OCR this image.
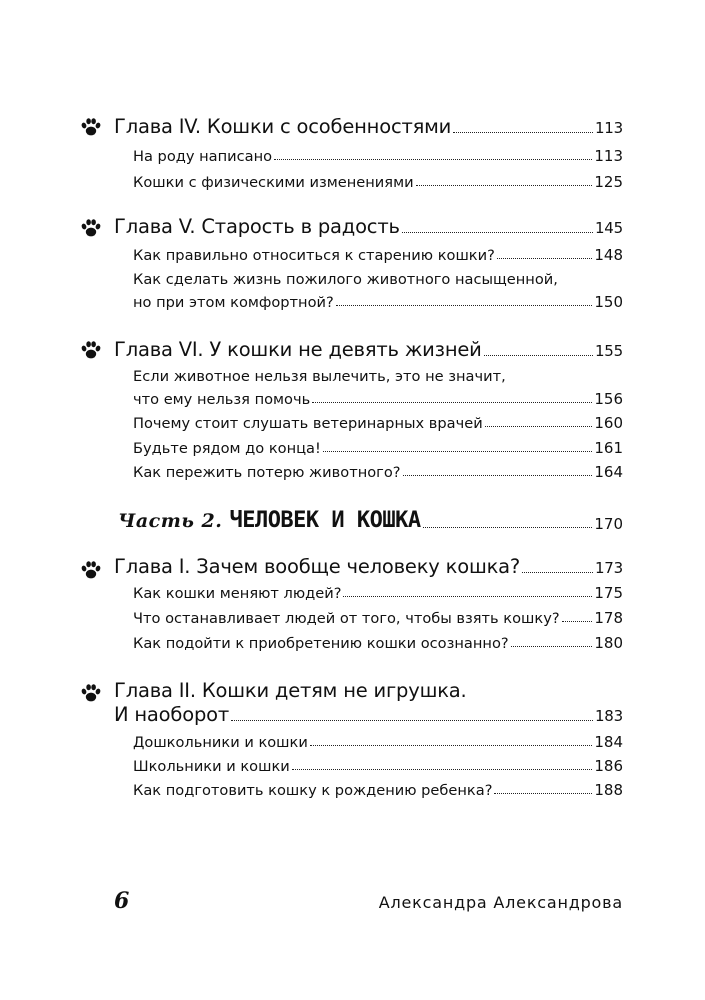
Глава IV. Кошки с особенностями	113
На роду написано	113
Кошки с физическими изменениями	125
Глава V. Старость в радость	145
Как правильно относиться к старению кошки?	148
Как сделать жизнь пожилого животного насыщенной,
но при этом комфортной?	150
Глава VI. У кошки не девять жизней	155
Если животное нельзя вылечить, это не значит,
что ему нельзя помочь	156
Почему стоит слушать ветеринарных врачей	160
Будьте рядом до конца!	161
Как пережить потерю животного?	164
Часть 2. ЧЕЛОВЕК И КОШКА	170
Глава I. Зачем вообще человеку кошка?	173
Как кошки меняют людей?	175
Что останавливает людей от того, чтобы взять кошку? 178
Как подойти к приобретению кошки осознанно?	180
Глава II. Кошки детям не игрушка.
И наоборот	183
Дошкольники и кошки	184
Школьники и кошки	186
Как подготовить кошку к рождению ребенка?	188
6	Александра Александрова
